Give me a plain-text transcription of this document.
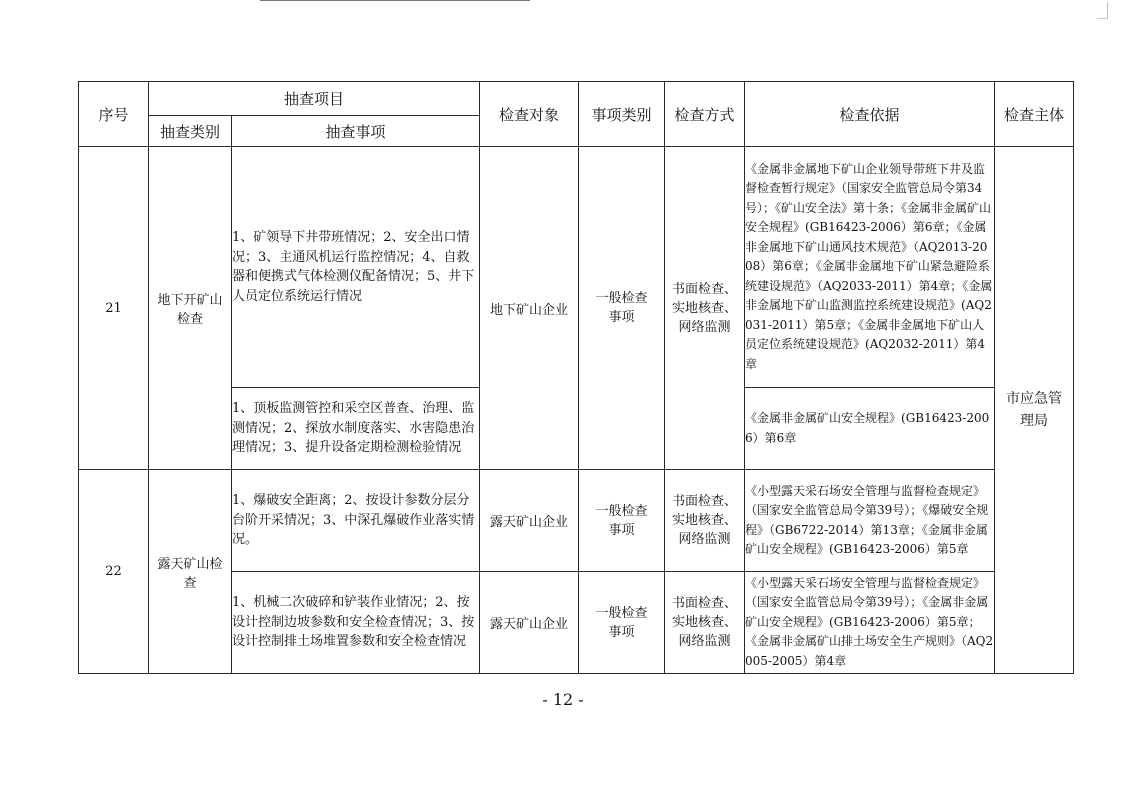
序号	抽查项目		检查对象	事项类别	检查方式	检查依据	检查主体
	抽查类别	抽查事项					
21	地下开矿山检查	1、矿领导下井带班情况；2、安全出口情况；3、主通风机运行监控情况；4、自救器和便携式气体检测仪配备情况；5、井下人员定位系统运行情况	地下矿山企业	一般检查事项	书面检查、实地核查、网络监测	《金属非金属地下矿山企业领导带班下井及监督检查暂行规定》（国家安全监管总局令第34号）；《矿山安全法》第十条；《金属非金属矿山安全规程》(GB16423-2006）第6章；《金属非金属地下矿山通风技术规范》（AQ2013-2008）第6章；《金属非金属地下矿山紧急避险系统建设规范》（AQ2033-2011）第4章；《金属非金属地下矿山监测监控系统建设规范》(AQ2031-2011）第5章；《金属非金属地下矿山人员定位系统建设规范》(AQ2032-2011）第4章	市应急管理局
		1、顶板监测管控和采空区普查、治理、监测情况；2、探放水制度落实、水害隐患治理情况；3、提升设备定期检测检验情况				《金属非金属矿山安全规程》(GB16423-2006）第6章	
22	露天矿山检查	1、爆破安全距离；2、按设计参数分层分台阶开采情况；3、中深孔爆破作业落实情况。	露天矿山企业	一般检查事项	书面检查、实地核查、网络监测	《小型露天采石场安全管理与监督检查规定》（国家安全监管总局令第39号）；《爆破安全规程》（GB6722-2014）第13章；《金属非金属矿山安全规程》(GB16423-2006）第5章	
		1、机械二次破碎和铲装作业情况；2、按设计控制边坡参数和安全检查情况；3、按设计控制排土场堆置参数和安全检查情况	露天矿山企业	一般检查事项	书面检查、实地核查、网络监测	《小型露天采石场安全管理与监督检查规定》（国家安全监管总局令第39号）；《金属非金属矿山安全规程》(GB16423-2006）第5章；《金属非金属矿山排土场安全生产规则》（AQ2005-2005）第4章	
- 12 -
